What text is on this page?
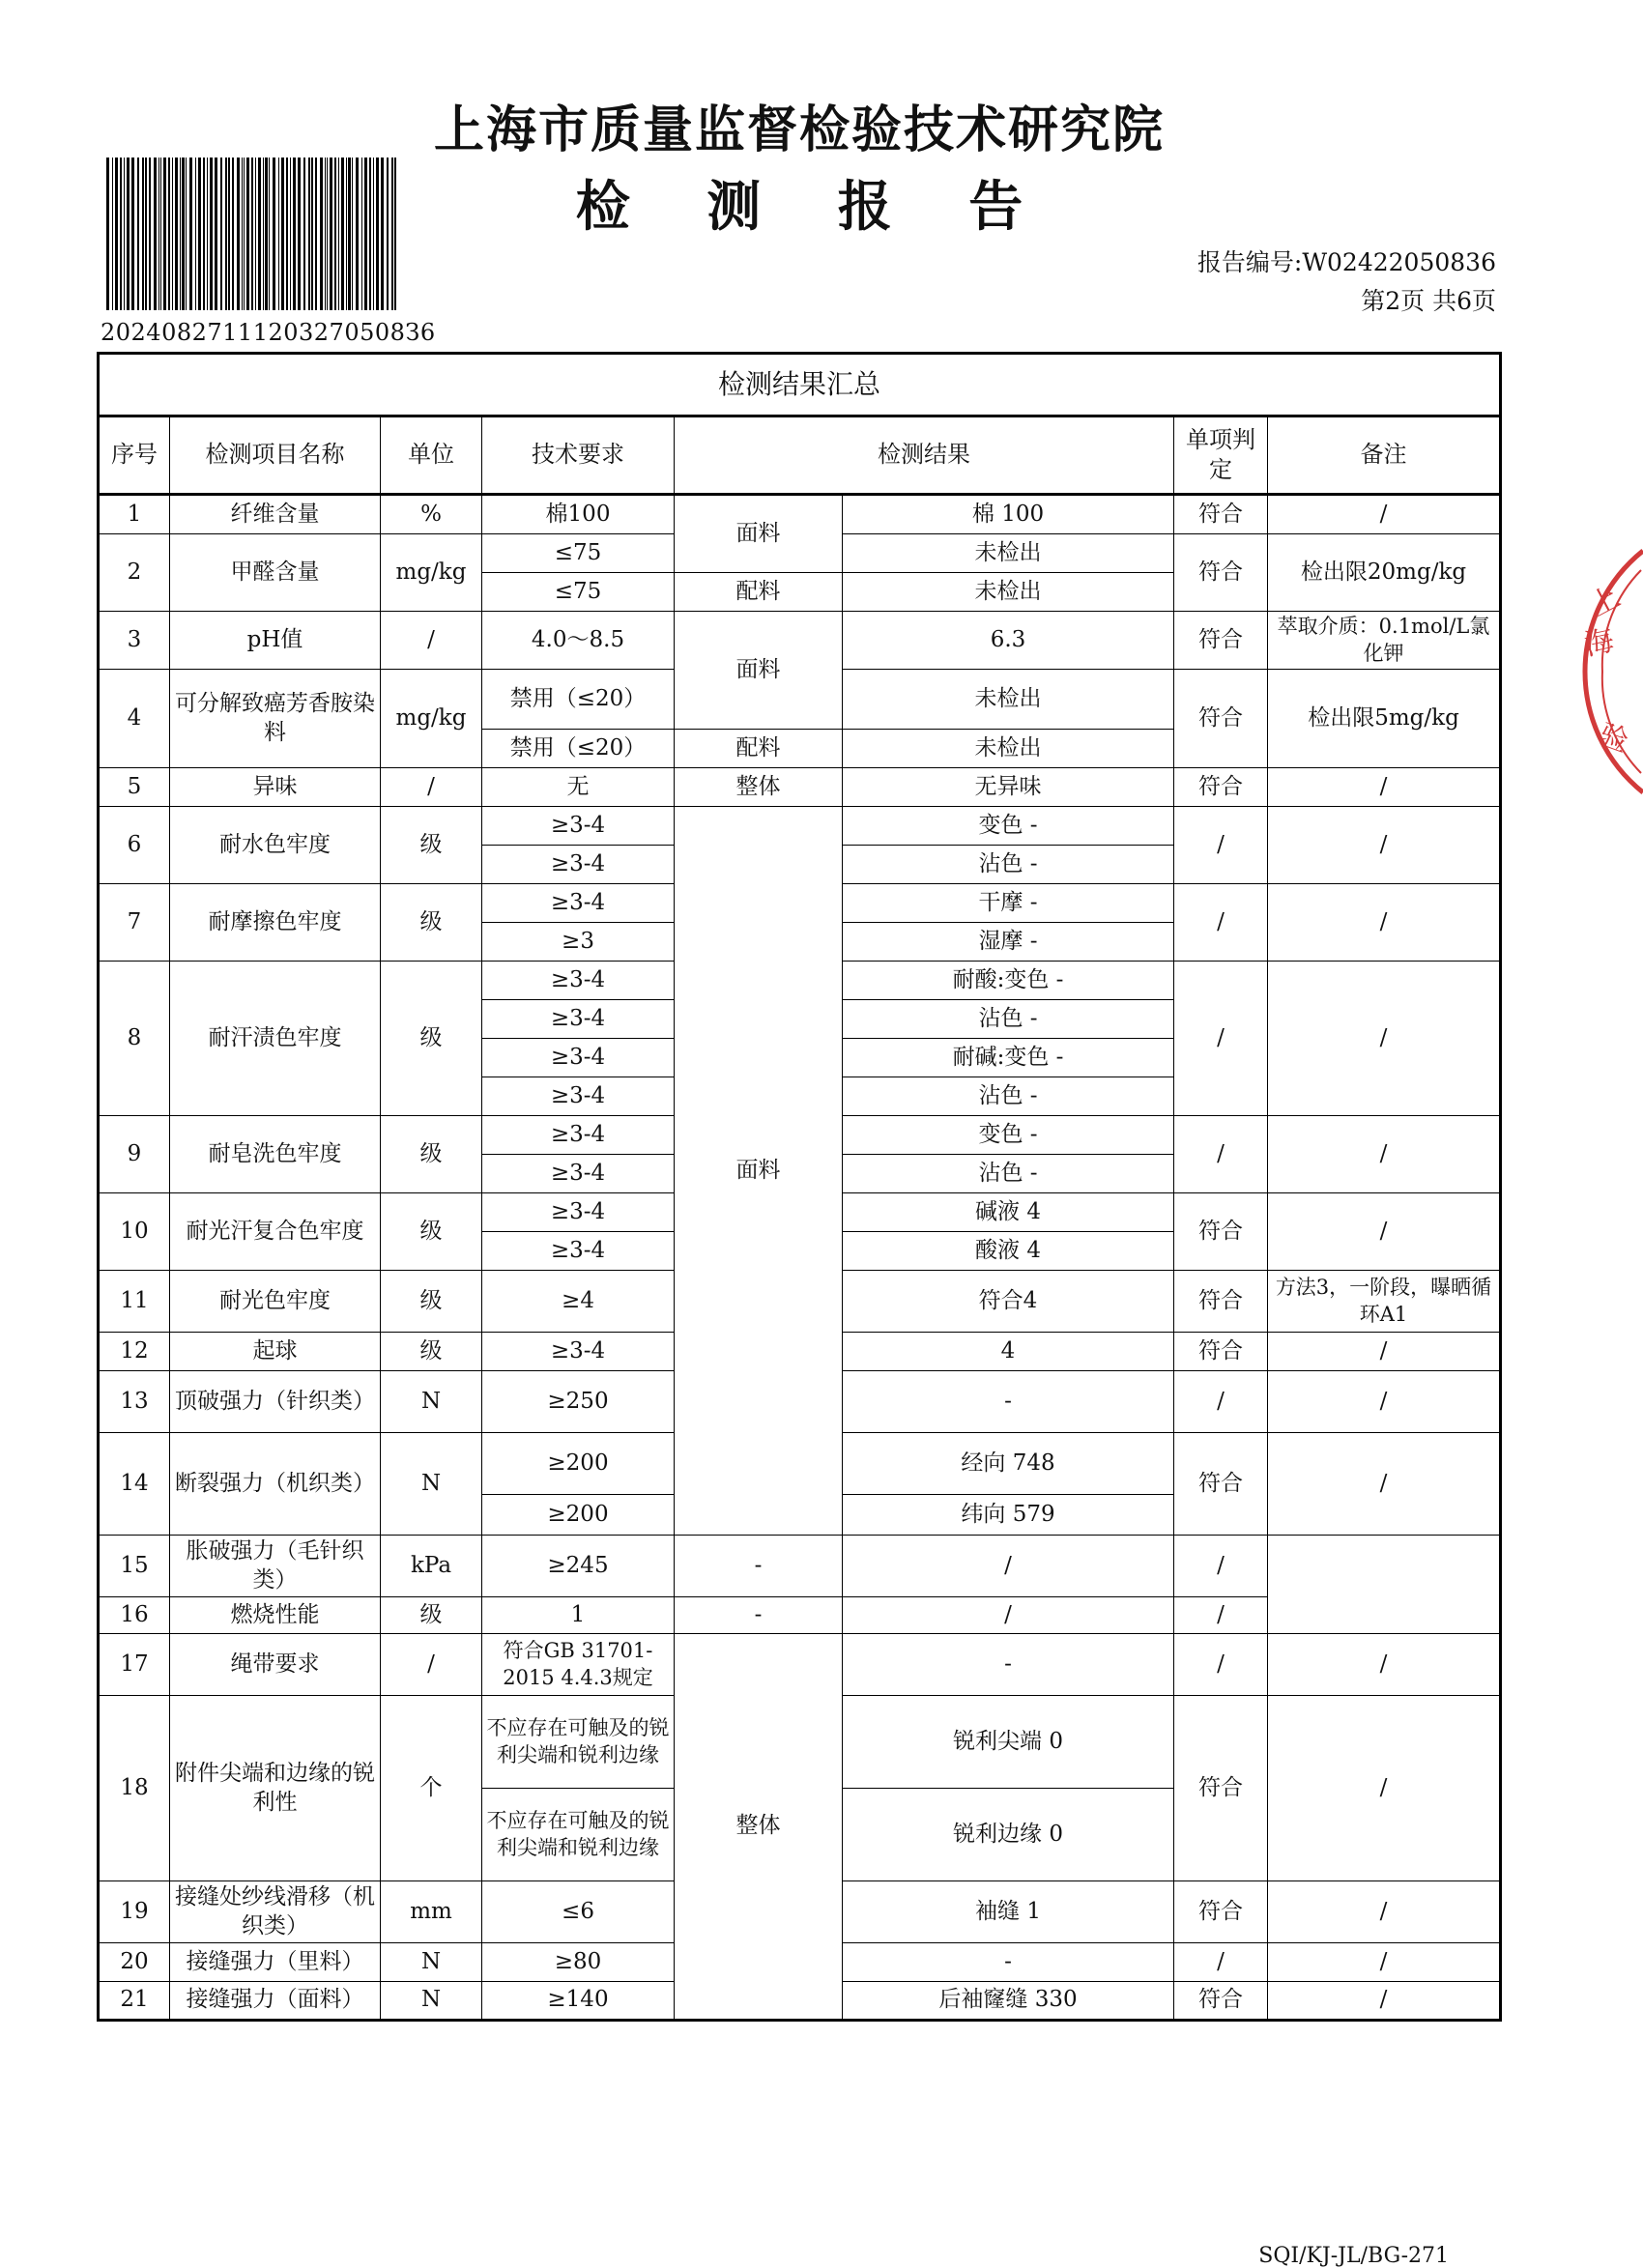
上海市质量监督检验技术研究院
检 测 报 告
20240827111203270508З6
报告编号:W02422050836
第2页 共6页
上
海
验
检测结果汇总							
序号	检测项目名称	单位	技术要求	检测结果		单项判定	备注
1	纤维含量	%	棉100	面料	棉 100	符合	/
2	甲醛含量	mg/kg	≤75		未检出	符合	检出限20mg/kg
			≤75	配料	未检出		
3	pH值	/	4.0～8.5	面料	6.3	符合	萃取介质：0.1mol/L氯化钾
4	可分解致癌芳香胺染料	mg/kg	禁用（≤20）		未检出	符合	检出限5mg/kg
			禁用（≤20）	配料	未检出		
5	异味	/	无	整体	无异味	符合	/
6	耐水色牢度	级	≥3-4	面料	变色 -	/	/
			≥3-4		沾色 -		
7	耐摩擦色牢度	级	≥3-4		干摩 -	/	/
			≥3		湿摩 -		
8	耐汗渍色牢度	级	≥3-4		耐酸:变色 -	/	/
			≥3-4		沾色 -		
			≥3-4		耐碱:变色 -		
			≥3-4		沾色 -		
9	耐皂洗色牢度	级	≥3-4		变色 -	/	/
			≥3-4		沾色 -		
10	耐光汗复合色牢度	级	≥3-4		碱液 4	符合	/
			≥3-4		酸液 4		
11	耐光色牢度	级	≥4		符合4	符合	方法3，一阶段，曝晒循环A1
12	起球	级	≥3-4		4	符合	/
13	顶破强力（针织类）	N	≥250		-	/	/
14	断裂强力（机织类）	N	≥200		经向 748	符合	/
			≥200		纬向 579		
15	胀破强力（毛针织类）	kPa	≥245	-	/	/	
16	燃烧性能	级	1	-	/	/	
17	绳带要求	/	符合GB 31701-2015 4.4.3规定	整体	-	/	/
18	附件尖端和边缘的锐利性	个	不应存在可触及的锐利尖端和锐利边缘		锐利尖端 0	符合	/
			不应存在可触及的锐利尖端和锐利边缘		锐利边缘 0		
19	接缝处纱线滑移（机织类）	mm	≤6		袖缝 1	符合	/
20	接缝强力（里料）	N	≥80		-	/	/
21	接缝强力（面料）	N	≥140		后袖窿缝 330	符合	/
SQI/KJ-JL/BG-271
